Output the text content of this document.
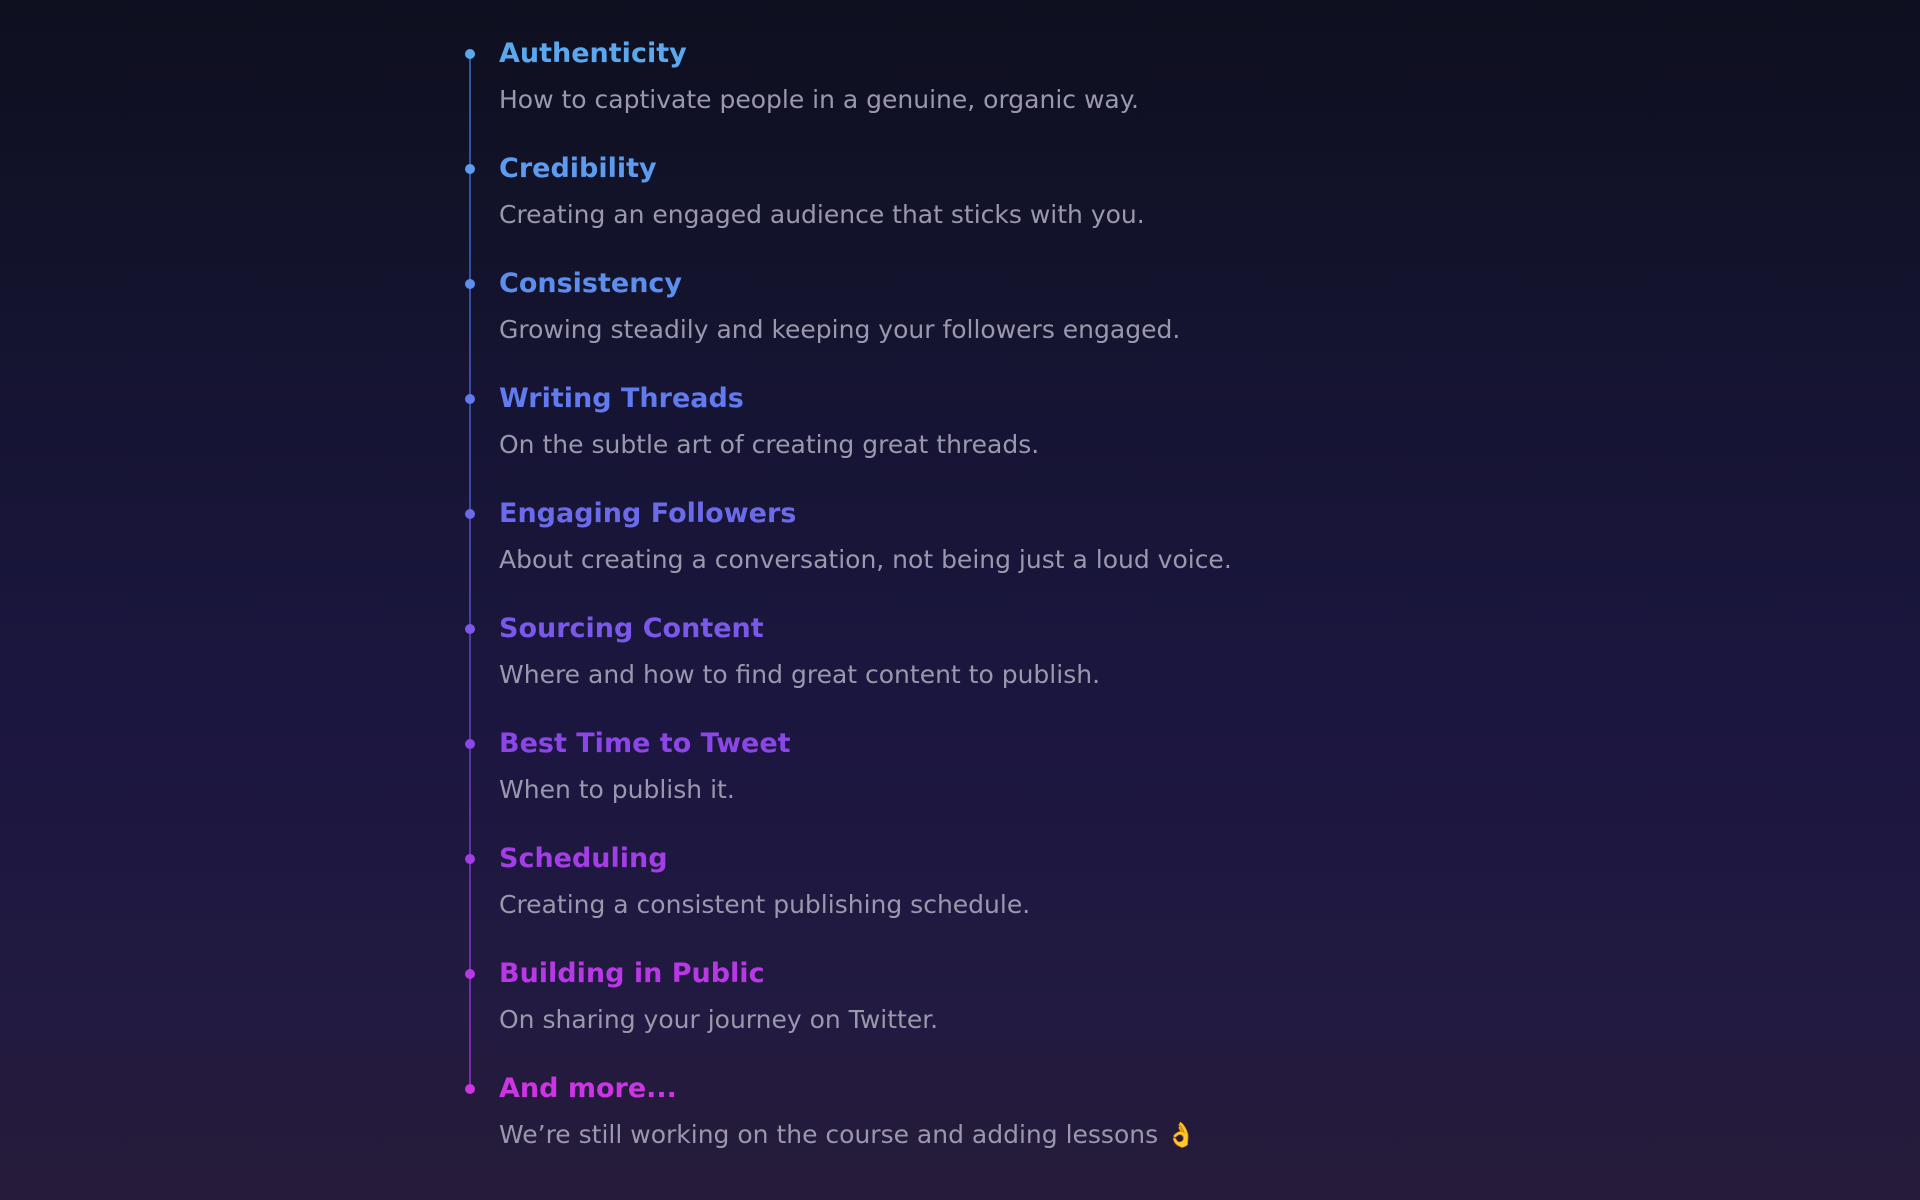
Authenticity
How to captivate people in a genuine, organic way.
Credibility
Creating an engaged audience that sticks with you.
Consistency
Growing steadily and keeping your followers engaged.
Writing Threads
On the subtle art of creating great threads.
Engaging Followers
About creating a conversation, not being just a loud voice.
Sourcing Content
Where and how to find great content to publish.
Best Time to Tweet
When to publish it.
Scheduling
Creating a consistent publishing schedule.
Building in Public
On sharing your journey on Twitter.
And more...
We’re still working on the course and adding lessons 👌
